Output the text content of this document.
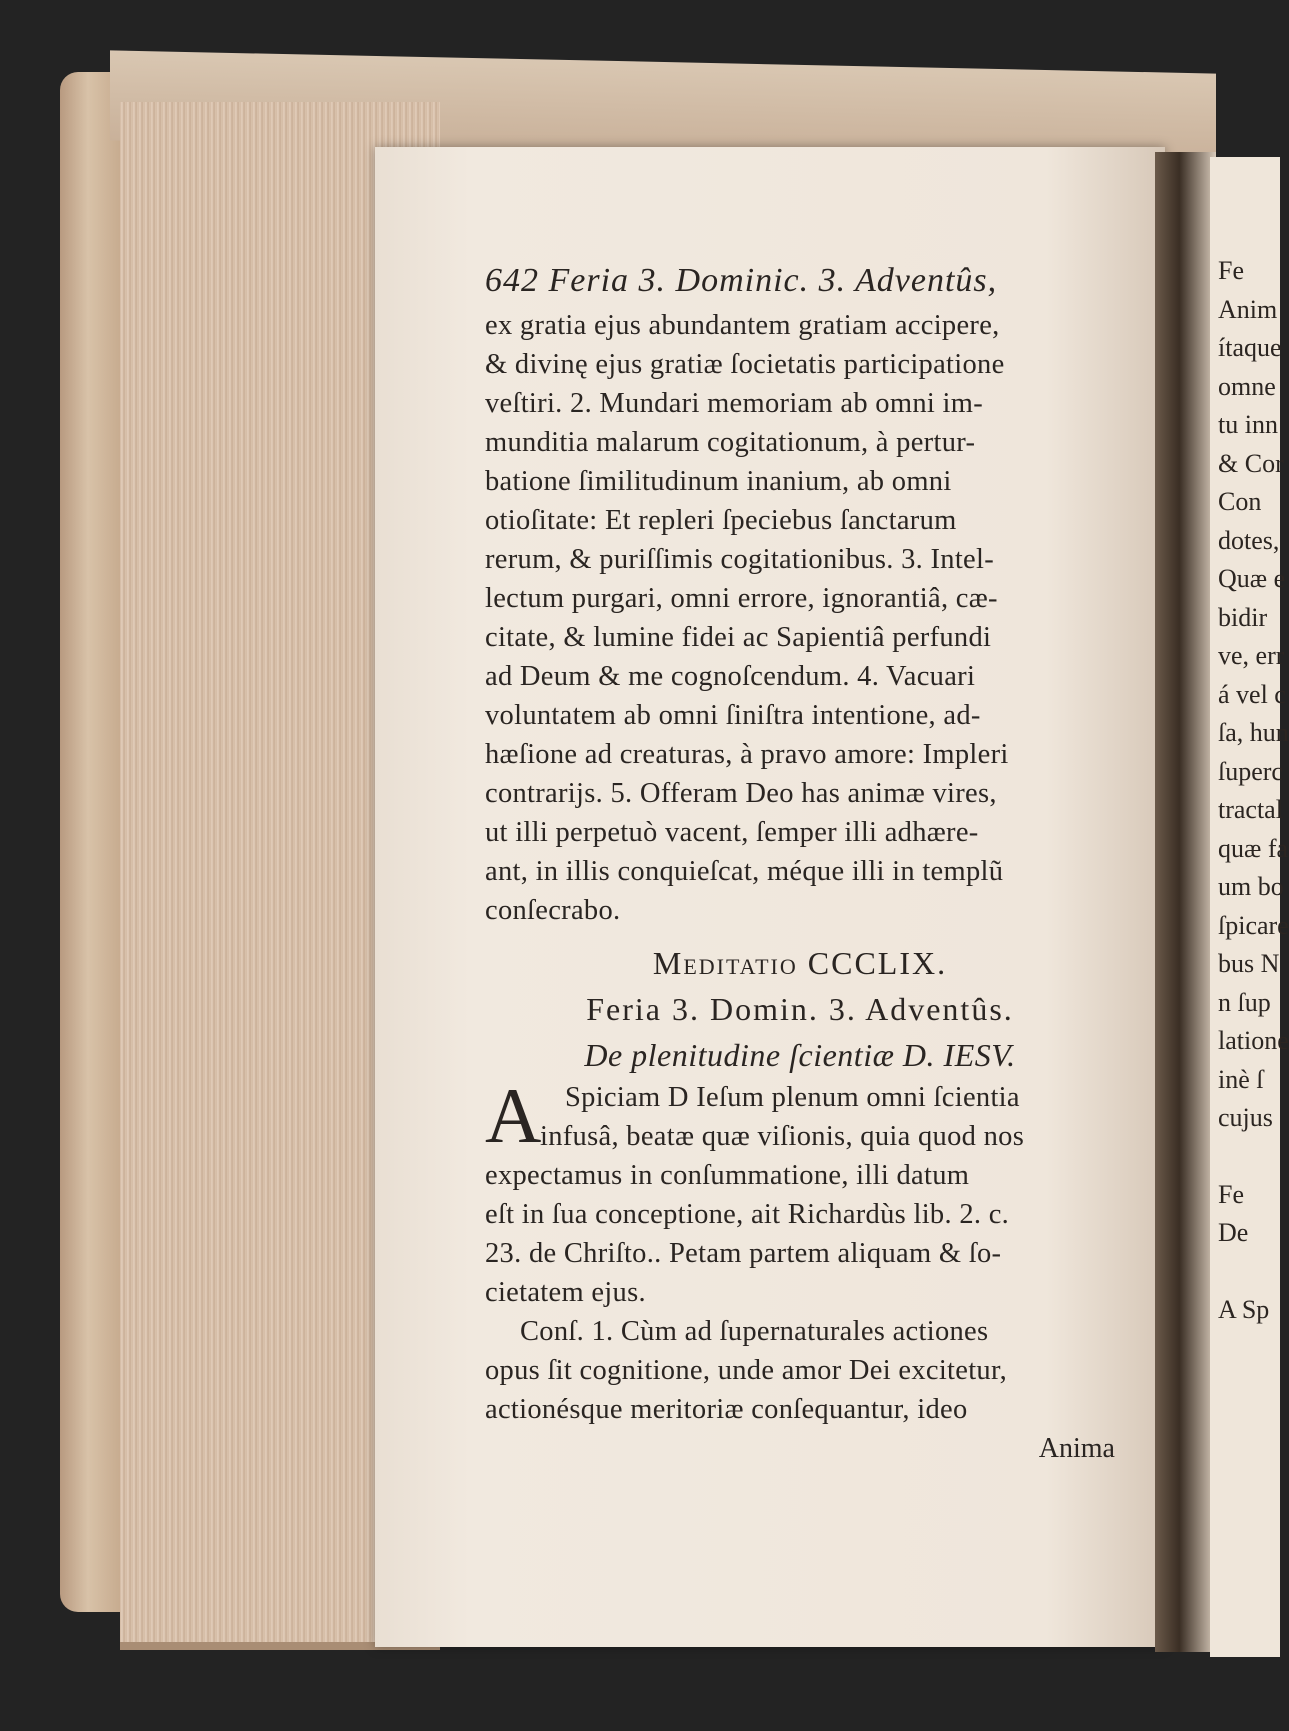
642 Feria 3. Dominic. 3. Adventûs,
ex gratia ejus abundantem gratiam accipere,
& divinę ejus gratiæ ſocietatis participatione
veſtiri. 2. Mundari memoriam ab omni im-
munditia malarum cogitationum, à pertur-
batione ſimilitudinum inanium, ab omni
otioſitate: Et repleri ſpeciebus ſanctarum
rerum, & puriſſimis cogitationibus. 3. Intel-
lectum purgari, omni errore, ignorantiâ, cæ-
citate, & lumine fidei ac Sapientiâ perfundi
ad Deum & me cognoſcendum. 4. Vacuari
voluntatem ab omni ſiniſtra intentione, ad-
hæſione ad creaturas, à pravo amore: Impleri
contrarijs. 5. Offeram Deo has animæ vires,
ut illi perpetuò vacent, ſemper illi adhære-
ant, in illis conquieſcat, méque illi in templũ
conſecrabo.
Meditatio CCCLIX.
Feria 3. Domin. 3. Adventûs.
De plenitudine ſcientiæ D. IESV.
A Spiciam D Ieſum plenum omni ſcientia
infusâ, beatæ quæ viſionis, quia quod nos
expectamus in conſummatione, illi datum
eſt in ſua conceptione, ait Richardùs lib. 2. c.
23. de Chriſto.. Petam partem aliquam & ſo-
cietatem ejus.
Conſ. 1. Cùm ad ſupernaturales actiones
opus ſit cognitione, unde amor Dei excitetur,
actionésque meritoriæ conſequantur, ideo
Anima
Fe
Anim
ítaque
omne
tu inn
& Cor
Con
dotes,
Quæ e
bidir
ve, err
á vel c
ſa, hun
ſuperc
tractal
quæ fa
um bo
ſpicare
bus N
n ſup
latione
inè ſ
cujus
Fe
De
A Sp
